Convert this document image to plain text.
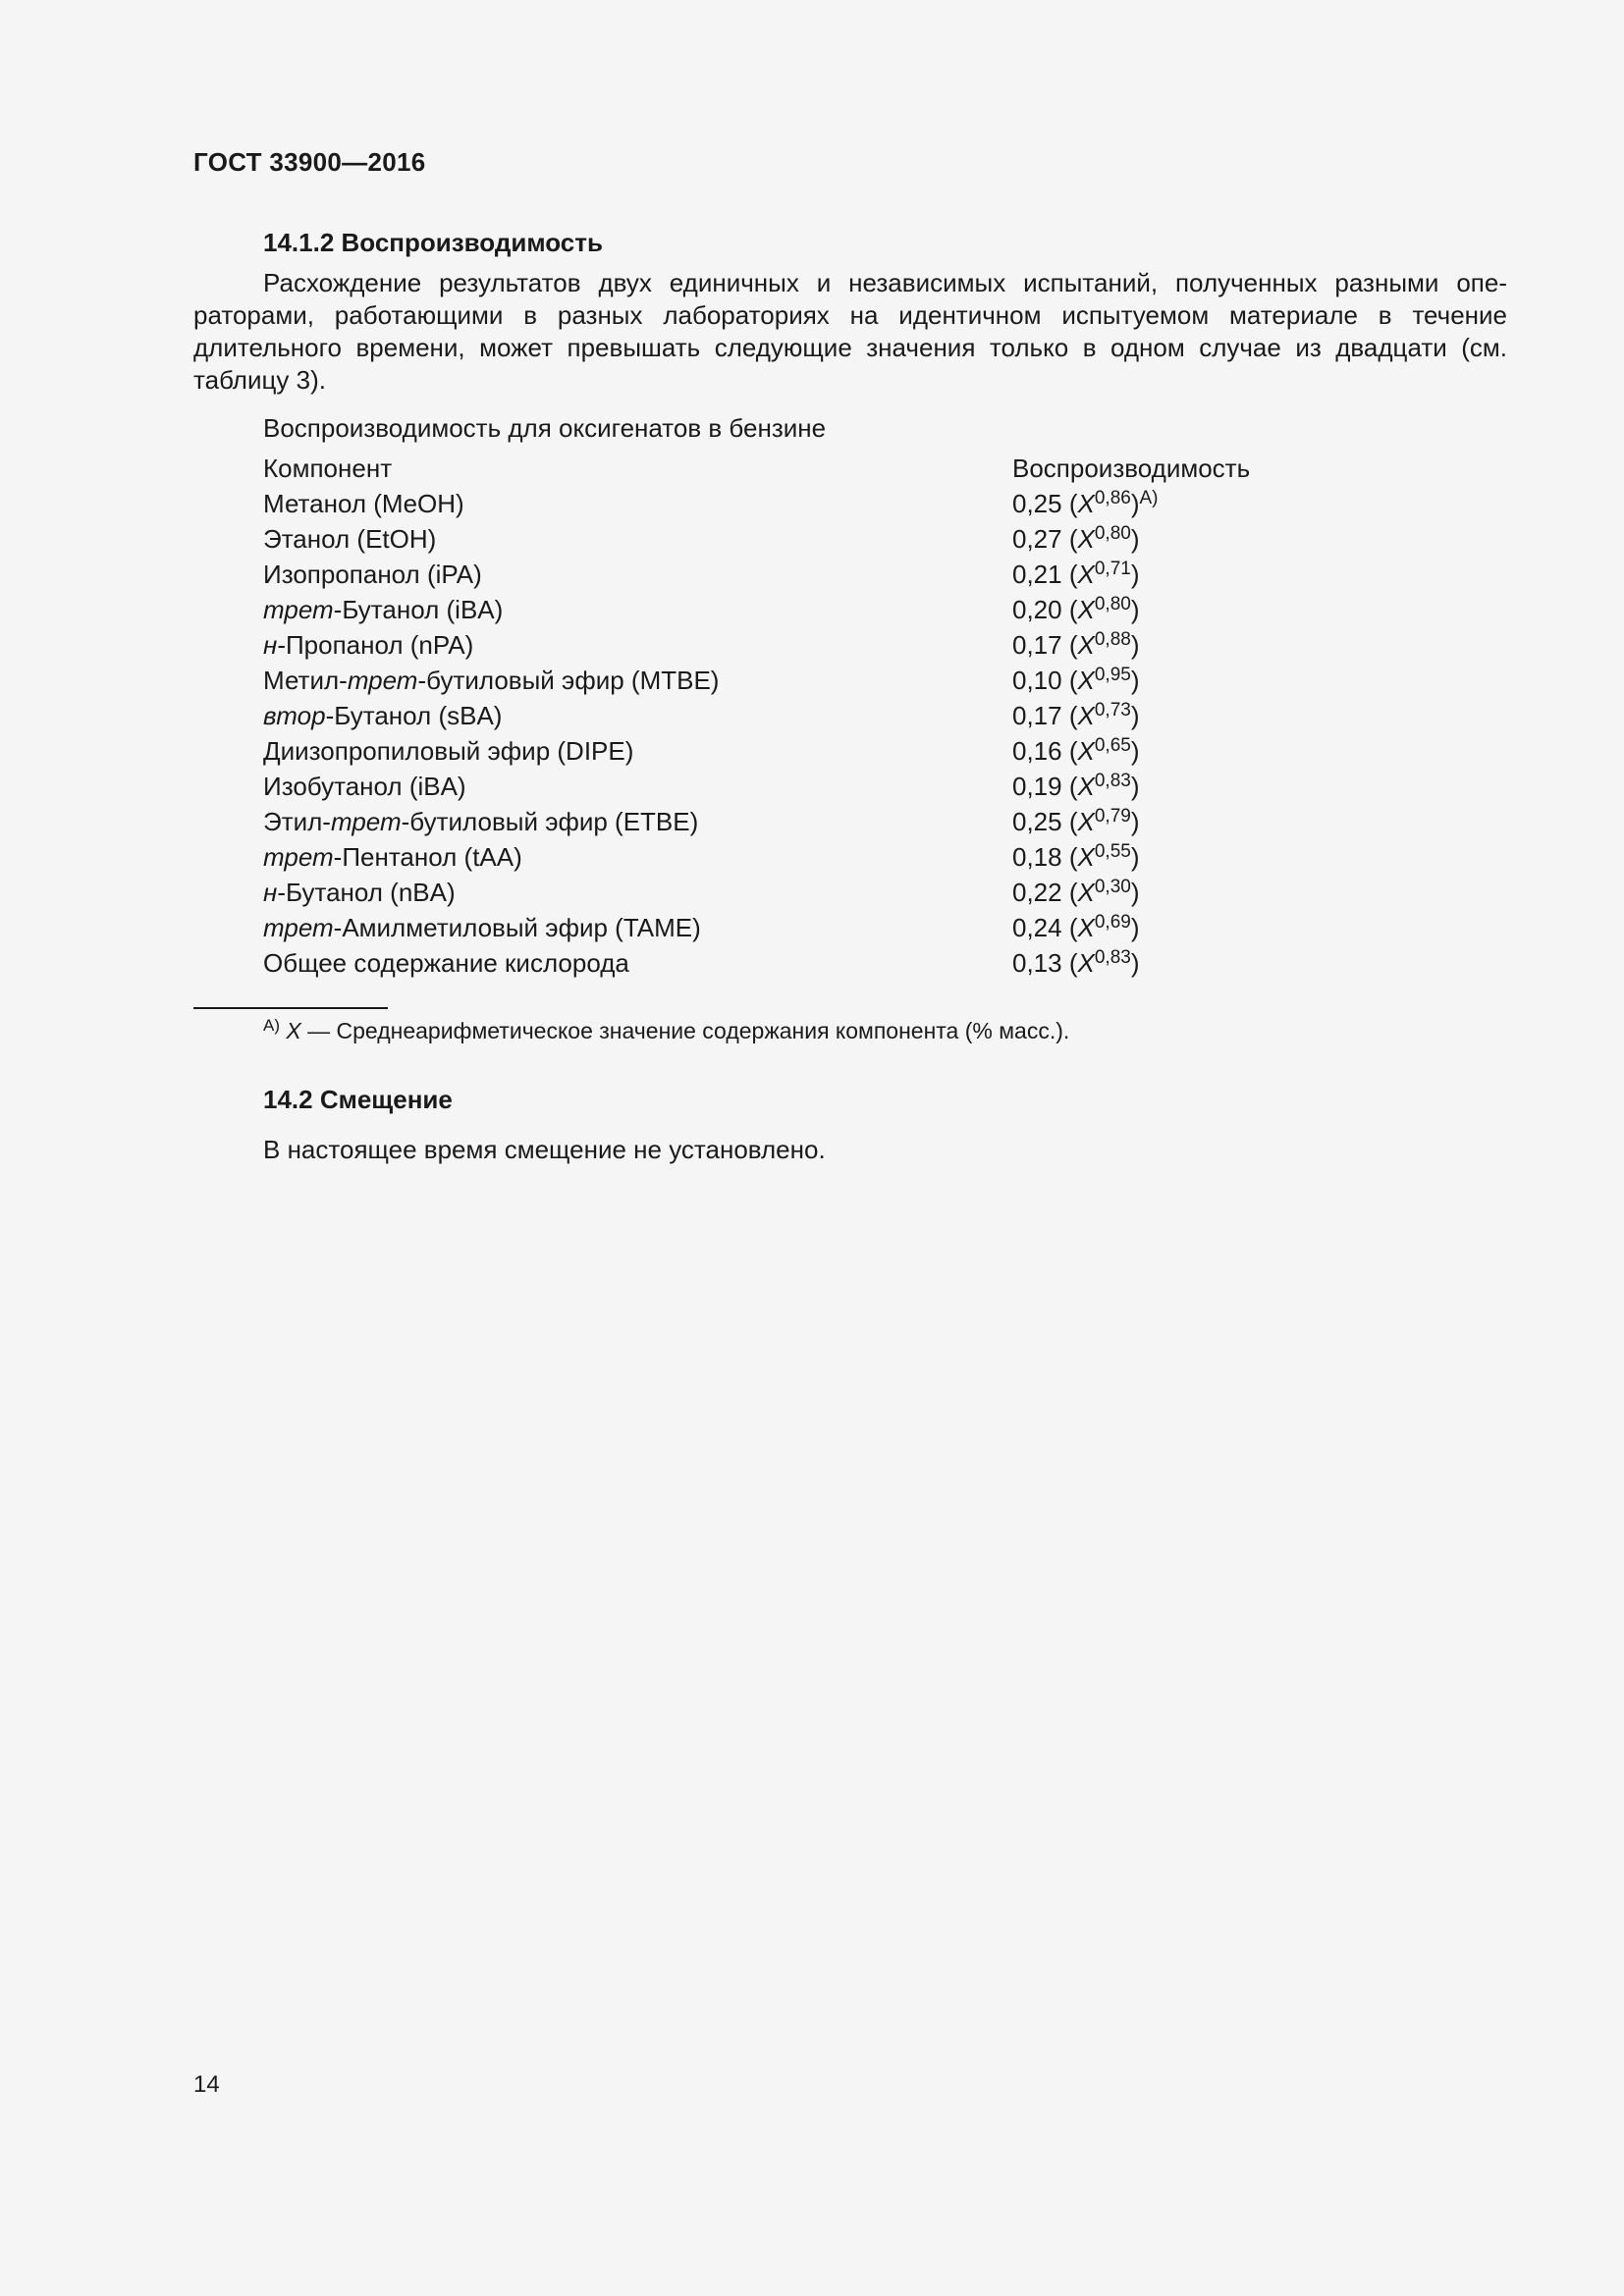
ГОСТ 33900—2016
14.1.2 Воспроизводимость

Расхождение результатов двух единичных и независимых испытаний, полученных разными операторами, работающими в разных лабораториях на идентичном испытуемом материале в течение длительного времени, может превышать следующие значения только в одном случае из двадцати (см. таблицу 3).

Воспроизводимость для оксигенатов в бензине
Компонент	Воспроизводимость
Метанол (MeOH)	0,25 $(X^{0,86})^{А)}$
Этанол (EtOH)	0,27 $(X^{0,80})$
Изопропанол (iPA)	0,21 $(X^{0,71})$
трет-Бутанол (iBA)	0,20 $(X^{0,80})$
н-Пропанол (nPA)	0,17 $(X^{0,88})$
Метил-трет-бутиловый эфир (MTBE)	0,10 $(X^{0,95})$
втор-Бутанол (sBA)	0,17 $(X^{0,73})$
Диизопропиловый эфир (DIPE)	0,16 $(X^{0,65})$
Изобутанол (iBA)	0,19 $(X^{0,83})$
Этил-трет-бутиловый эфир (ETBE)	0,25 $(X^{0,79})$
трет-Пентанол (tAA)	0,18 $(X^{0,55})$
н-Бутанол (nBA)	0,22 $(X^{0,30})$
трет-Амилметиловый эфир (TAME)	0,24 $(X^{0,69})$
Общее содержание кислорода	0,13 $(X^{0,83})$
$^{А)}$ X — Среднеарифметическое значение содержания компонента (% масс.).
14.2 Смещение
В настоящее время смещение не установлено.
14
